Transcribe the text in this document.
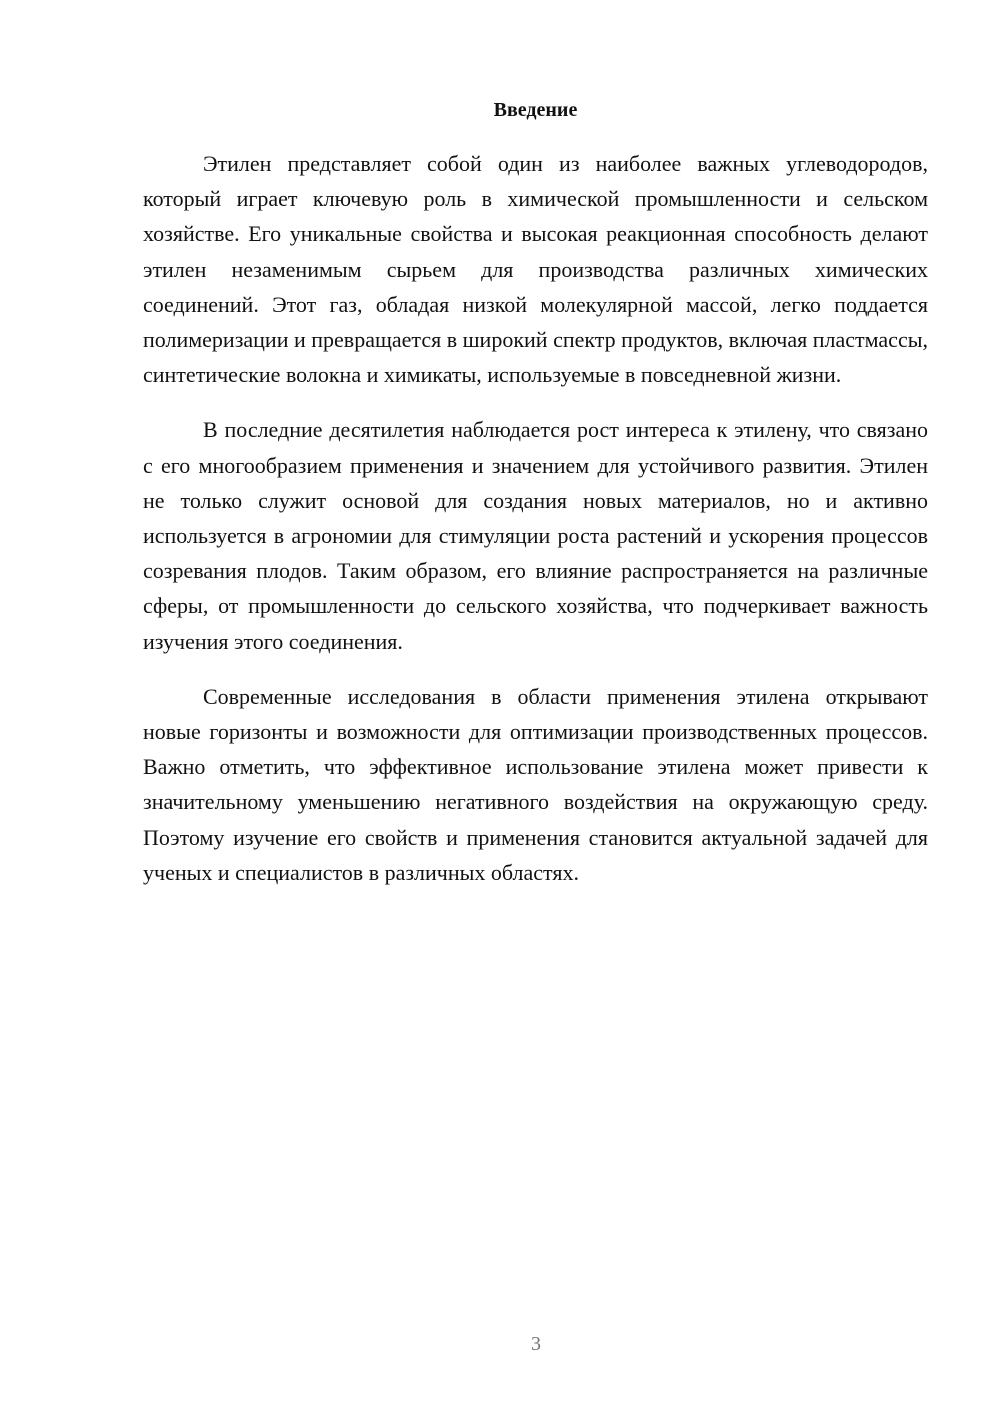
Введение

Этилен представляет собой один из наиболее важных углеводородов, который играет ключевую роль в химической промышленности и сельском хозяйстве. Его уникальные свойства и высокая реакционная способность делают этилен незаменимым сырьем для производства различных химических соединений. Этот газ, обладая низкой молекулярной массой, легко поддается полимеризации и превращается в широкий спектр продуктов, включая пластмассы, синтетические волокна и химикаты, используемые в повседневной жизни.

В последние десятилетия наблюдается рост интереса к этилену, что связано с его многообразием применения и значением для устойчивого развития. Этилен не только служит основой для создания новых материалов, но и активно используется в агрономии для стимуляции роста растений и ускорения процессов созревания плодов. Таким образом, его влияние распространяется на различные сферы, от промышленности до сельского хозяйства, что подчеркивает важность изучения этого соединения.

Современные исследования в области применения этилена открывают новые горизонты и возможности для оптимизации производственных процессов. Важно отметить, что эффективное использование этилена может привести к значительному уменьшению негативного воздействия на окружающую среду. Поэтому изучение его свойств и применения становится актуальной задачей для ученых и специалистов в различных областях.

3
